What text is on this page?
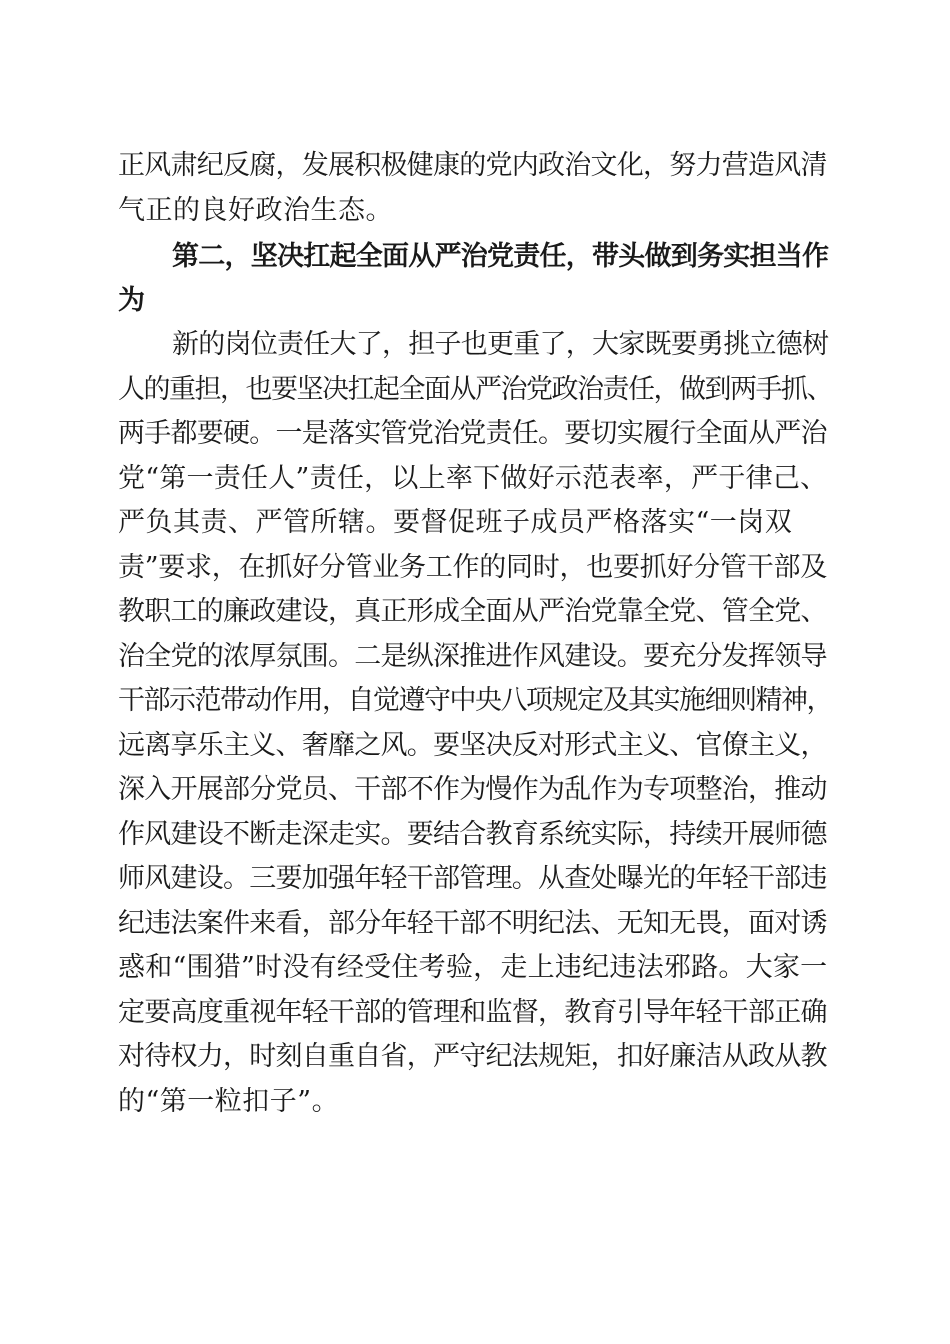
正风肃纪反腐，发展积极健康的党内政治文化，努力营造风清
气正的良好政治生态。
第二，坚决扛起全面从严治党责任，带头做到务实担当作
为
新的岗位责任大了，担子也更重了，大家既要勇挑立德树
人的重担，也要坚决扛起全面从严治党政治责任，做到两手抓、
两手都要硬。一是落实管党治党责任。要切实履行全面从严治
党“第一责任人”责任，以上率下做好示范表率，严于律己、
严负其责、严管所辖。要督促班子成员严格落实“一岗双
责”要求，在抓好分管业务工作的同时，也要抓好分管干部及
教职工的廉政建设，真正形成全面从严治党靠全党、管全党、
治全党的浓厚氛围。二是纵深推进作风建设。要充分发挥领导
干部示范带动作用，自觉遵守中央八项规定及其实施细则精神，
远离享乐主义、奢靡之风。要坚决反对形式主义、官僚主义，
深入开展部分党员、干部不作为慢作为乱作为专项整治，推动
作风建设不断走深走实。要结合教育系统实际，持续开展师德
师风建设。三要加强年轻干部管理。从查处曝光的年轻干部违
纪违法案件来看，部分年轻干部不明纪法、无知无畏，面对诱
惑和“围猎”时没有经受住考验，走上违纪违法邪路。大家一
定要高度重视年轻干部的管理和监督，教育引导年轻干部正确
对待权力，时刻自重自省，严守纪法规矩，扣好廉洁从政从教
的“第一粒扣子”。
